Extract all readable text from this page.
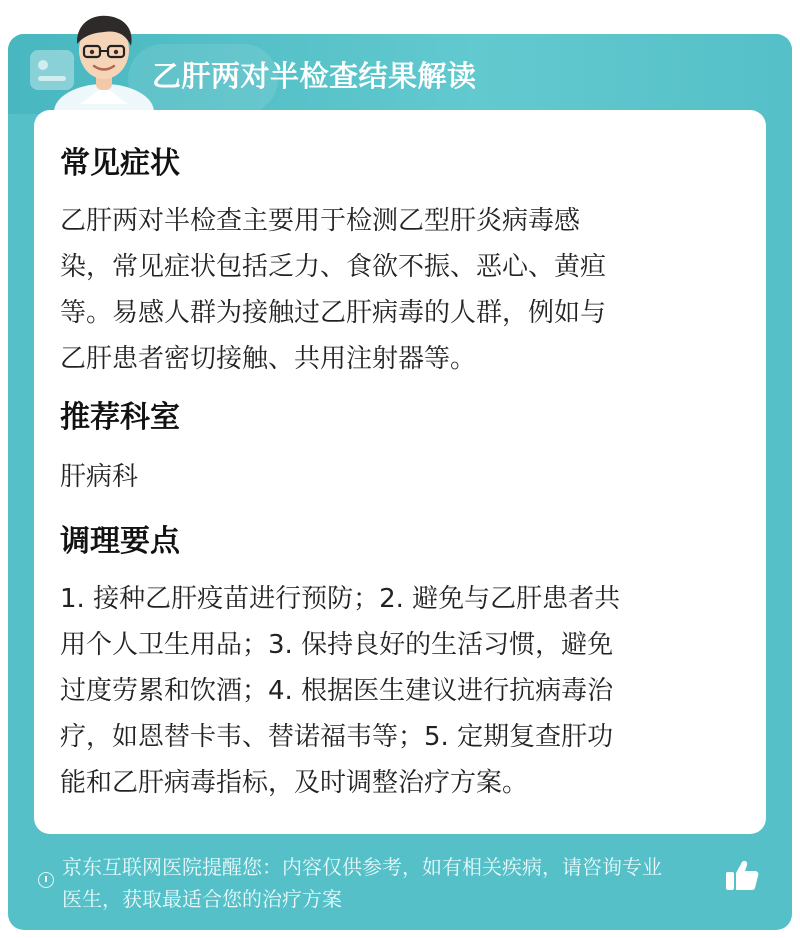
乙肝两对半检查结果解读
常见症状
乙肝两对半检查主要用于检测乙型肝炎病毒感
染，常见症状包括乏力、食欲不振、恶心、黄疸
等。易感人群为接触过乙肝病毒的人群，例如与
乙肝患者密切接触、共用注射器等。
推荐科室
肝病科
调理要点
1. 接种乙肝疫苗进行预防；2. 避免与乙肝患者共
用个人卫生用品；3. 保持良好的生活习惯，避免
过度劳累和饮酒；4. 根据医生建议进行抗病毒治
疗，如恩替卡韦、替诺福韦等；5. 定期复查肝功
能和乙肝病毒指标，及时调整治疗方案。
京东互联网医院提醒您：内容仅供参考，如有相关疾病，请咨询专业
医生，获取最适合您的治疗方案
